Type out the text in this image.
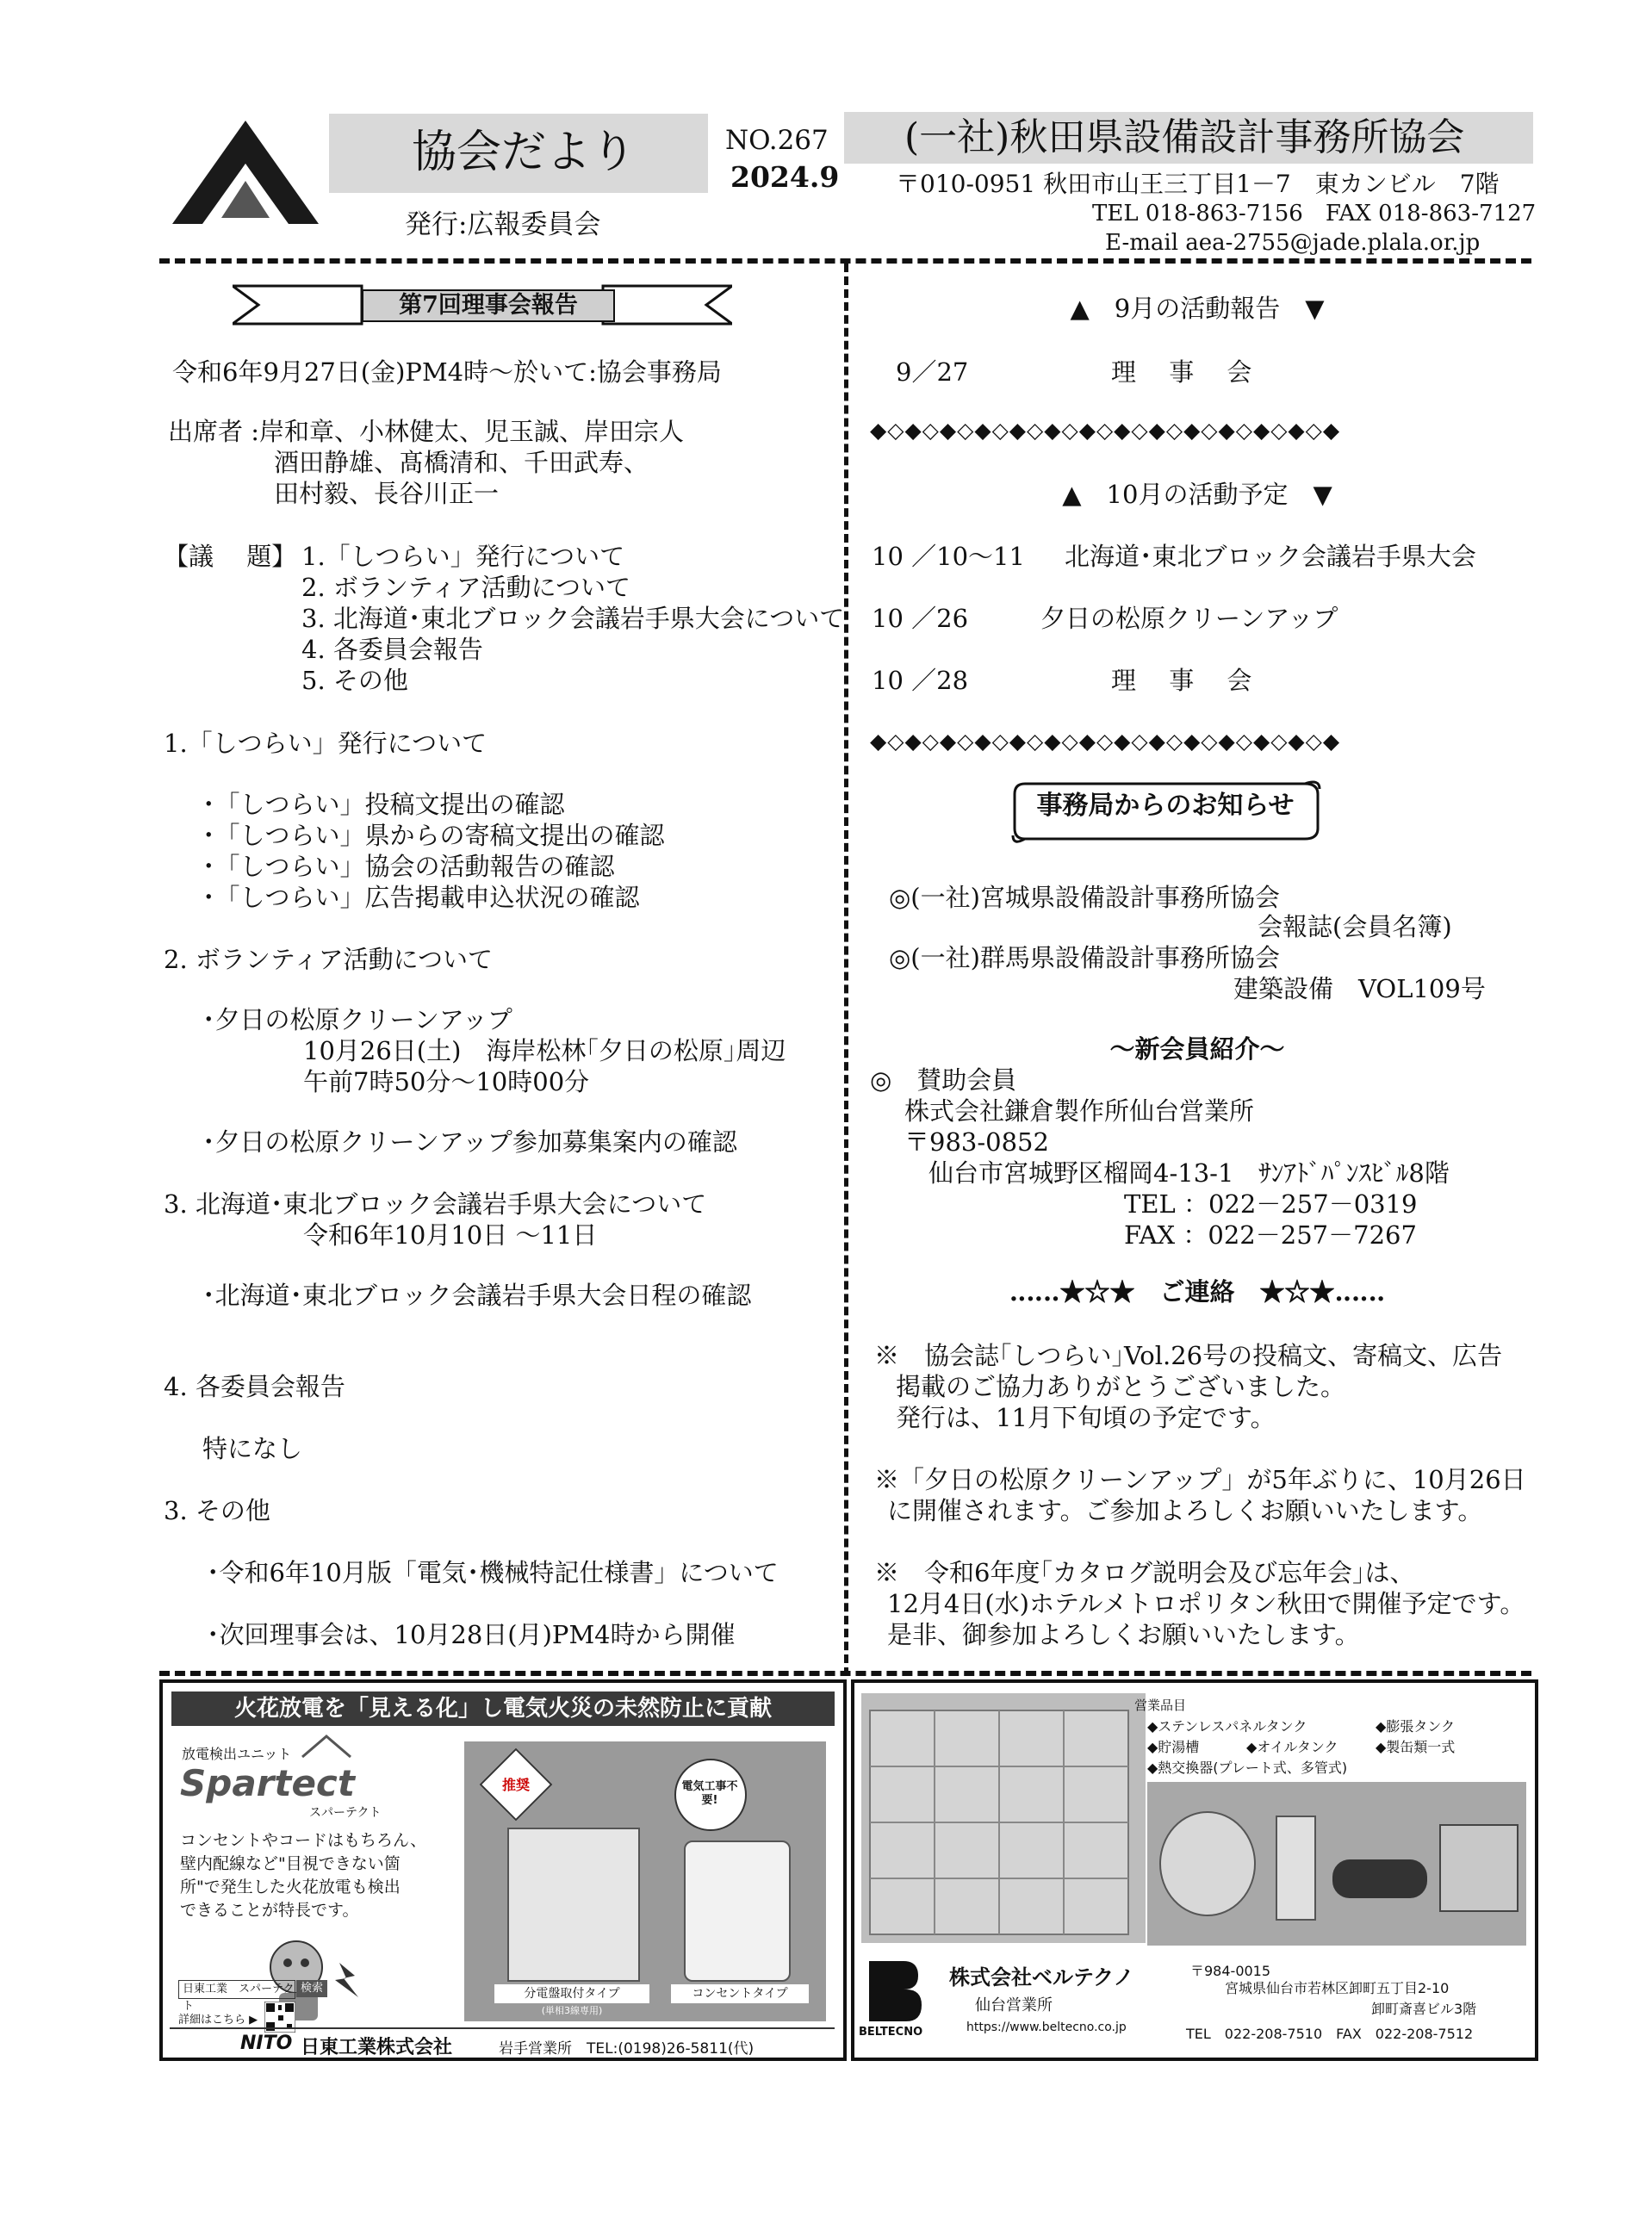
協会だより
発行:広報委員会
NO.267
2024.9
(一社)秋田県設備設計事務所協会
〒010-0951 秋田市山王三丁目1－7　東カンビル　7階
TEL 018-863-7156　FAX 018-863-7127
E-mail aea-2755@jade.plala.or.jp
第7回理事会報告
令和6年9月27日(金)PM4時～於いて:協会事務局
出席者 :岸和章、小林健太、児玉誠、岸田宗人
酒田静雄、髙橋清和、千田武寿、
田村毅、長谷川正一
【議　 題】 1.「しつらい」発行について
2. ボランティア活動について
3. 北海道･東北ブロック会議岩手県大会について
4. 各委員会報告
5. その他
1.「しつらい」発行について
･「しつらい」投稿文提出の確認
･「しつらい」県からの寄稿文提出の確認
･「しつらい」協会の活動報告の確認
･「しつらい」広告掲載申込状況の確認
2. ボランティア活動について
･夕日の松原クリーンアップ
10月26日(土)　海岸松林｢夕日の松原｣周辺
午前7時50分～10時00分
･夕日の松原クリーンアップ参加募集案内の確認
3. 北海道･東北ブロック会議岩手県大会について
令和6年10月10日 ～11日
･北海道･東北ブロック会議岩手県大会日程の確認
4. 各委員会報告
特になし
3. その他
･令和6年10月版「電気･機械特記仕様書」について
･次回理事会は、10月28日(月)PM4時から開催
▲　9月の活動報告　▼
9／27	理　 事　 会
◆◇◆◇◆◇◆◇◆◇◆◇◆◇◆◇◆◇◆◇◆◇◆◇◆◇◆
▲　10月の活動予定　▼
10 ／10～11 北海道･東北ブロック会議岩手県大会
10 ／26	夕日の松原クリーンアップ
10 ／28	理　 事　 会
◆◇◆◇◆◇◆◇◆◇◆◇◆◇◆◇◆◇◆◇◆◇◆◇◆◇◆
事務局からのお知らせ
◎(一社)宮城県設備設計事務所協会
会報誌(会員名簿)
◎(一社)群馬県設備設計事務所協会
建築設備　VOL109号
～新会員紹介～
◎　賛助会員
株式会社鎌倉製作所仙台営業所
〒983-0852
仙台市宮城野区榴岡4-13-1　ｻﾝｱﾄﾞﾊﾟﾝｽﾋﾞﾙ8階
TEL ：022－257－0319
FAX ：022－257－7267
‥‥‥★☆★　ご連絡　★☆★‥‥‥
※　協会誌｢しつらい｣Vol.26号の投稿文、寄稿文、広告
掲載のご協力ありがとうございました。
発行は、11月下旬頃の予定です。
※「夕日の松原クリーンアップ」が5年ぶりに、10月26日
に開催されます。ご参加よろしくお願いいたします。
※　令和6年度｢カタログ説明会及び忘年会｣は、
12月4日(水)ホテルメトロポリタン秋田で開催予定です。
是非、御参加よろしくお願いいたします。
火花放電を「見える化」し電気火災の未然防止に貢献
放電検出ユニット
Spartect
スパーテクト
コンセントやコードはもちろん、
壁内配線など"目視できない箇
所"で発生した火花放電も検出
できることが特長です。
日東工業　スパーテクト
検索
詳細はこちら ▶
推奨	電気工事不要!
分電盤取付タイプ
(単相3線専用)
コンセントタイプ
NITO 日東工業株式会社	岩手営業所　TEL:(0198)26-5811(代)
営業品目
◆ステンレスパネルタンク	◆膨張タンク
◆貯湯槽	◆オイルタンク	◆製缶類一式
◆熱交換器(プレート式、多管式)
BELTECNO
株式会社ベルテクノ
仙台営業所
https://www.beltecno.co.jp
〒984-0015
宮城県仙台市若林区卸町五丁目2-10
卸町斎喜ビル3階
TEL　022-208-7510　FAX　022-208-7512
